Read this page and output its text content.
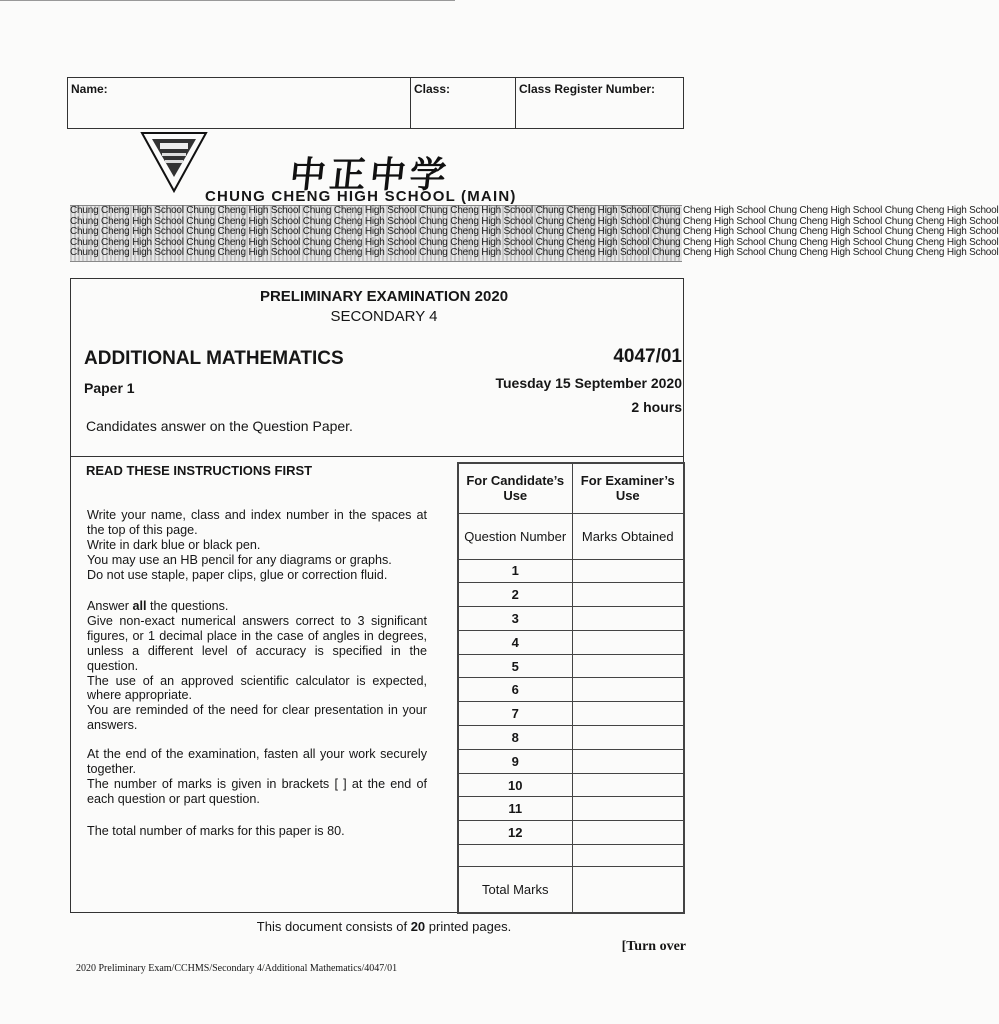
Name:	Class:	Class Register Number:
中正中学
CHUNG CHENG HIGH SCHOOL (MAIN)
Chung Cheng High School Chung Cheng High School Chung Cheng High School Chung Cheng High School Chung Cheng High School Chung Cheng High School Chung Cheng High School Chung Cheng High School
Chung Cheng High School Chung Cheng High School Chung Cheng High School Chung Cheng High School Chung Cheng High School Chung Cheng High School Chung Cheng High School Chung Cheng High School
Chung Cheng High School Chung Cheng High School Chung Cheng High School Chung Cheng High School Chung Cheng High School Chung Cheng High School Chung Cheng High School Chung Cheng High School
Chung Cheng High School Chung Cheng High School Chung Cheng High School Chung Cheng High School Chung Cheng High School Chung Cheng High School Chung Cheng High School Chung Cheng High School
Chung Cheng High School Chung Cheng High School Chung Cheng High School Chung Cheng High School Chung Cheng High School Chung Cheng High School Chung Cheng High School Chung Cheng High School
PRELIMINARY EXAMINATION 2020
SECONDARY 4
ADDITIONAL MATHEMATICS	4047/01
Paper 1	Tuesday 15 September 2020
2 hours
Candidates answer on the Question Paper.
READ THESE INSTRUCTIONS FIRST

Write your name, class and index number in the spaces at the top of this page.

Write in dark blue or black pen.

You may use an HB pencil for any diagrams or graphs.

Do not use staple, paper clips, glue or correction fluid.

Answer all the questions.

Give non-exact numerical answers correct to 3 significant figures, or 1 decimal place in the case of angles in degrees, unless a different level of accuracy is specified in the question.

The use of an approved scientific calculator is expected, where appropriate.

You are reminded of the need for clear presentation in your answers.

At the end of the examination, fasten all your work securely together.

The number of marks is given in brackets [ ] at the end of each question or part question.

The total number of marks for this paper is 80.

For Candidate’s Use	For Examiner’s Use
Question Number	Marks Obtained
1	
2	
3	
4	
5	
6	
7	
8	
9	
10	
11	
12	

Total Marks	
This document consists of 20 printed pages.
[Turn over
2020 Preliminary Exam/CCHMS/Secondary 4/Additional Mathematics/4047/01
